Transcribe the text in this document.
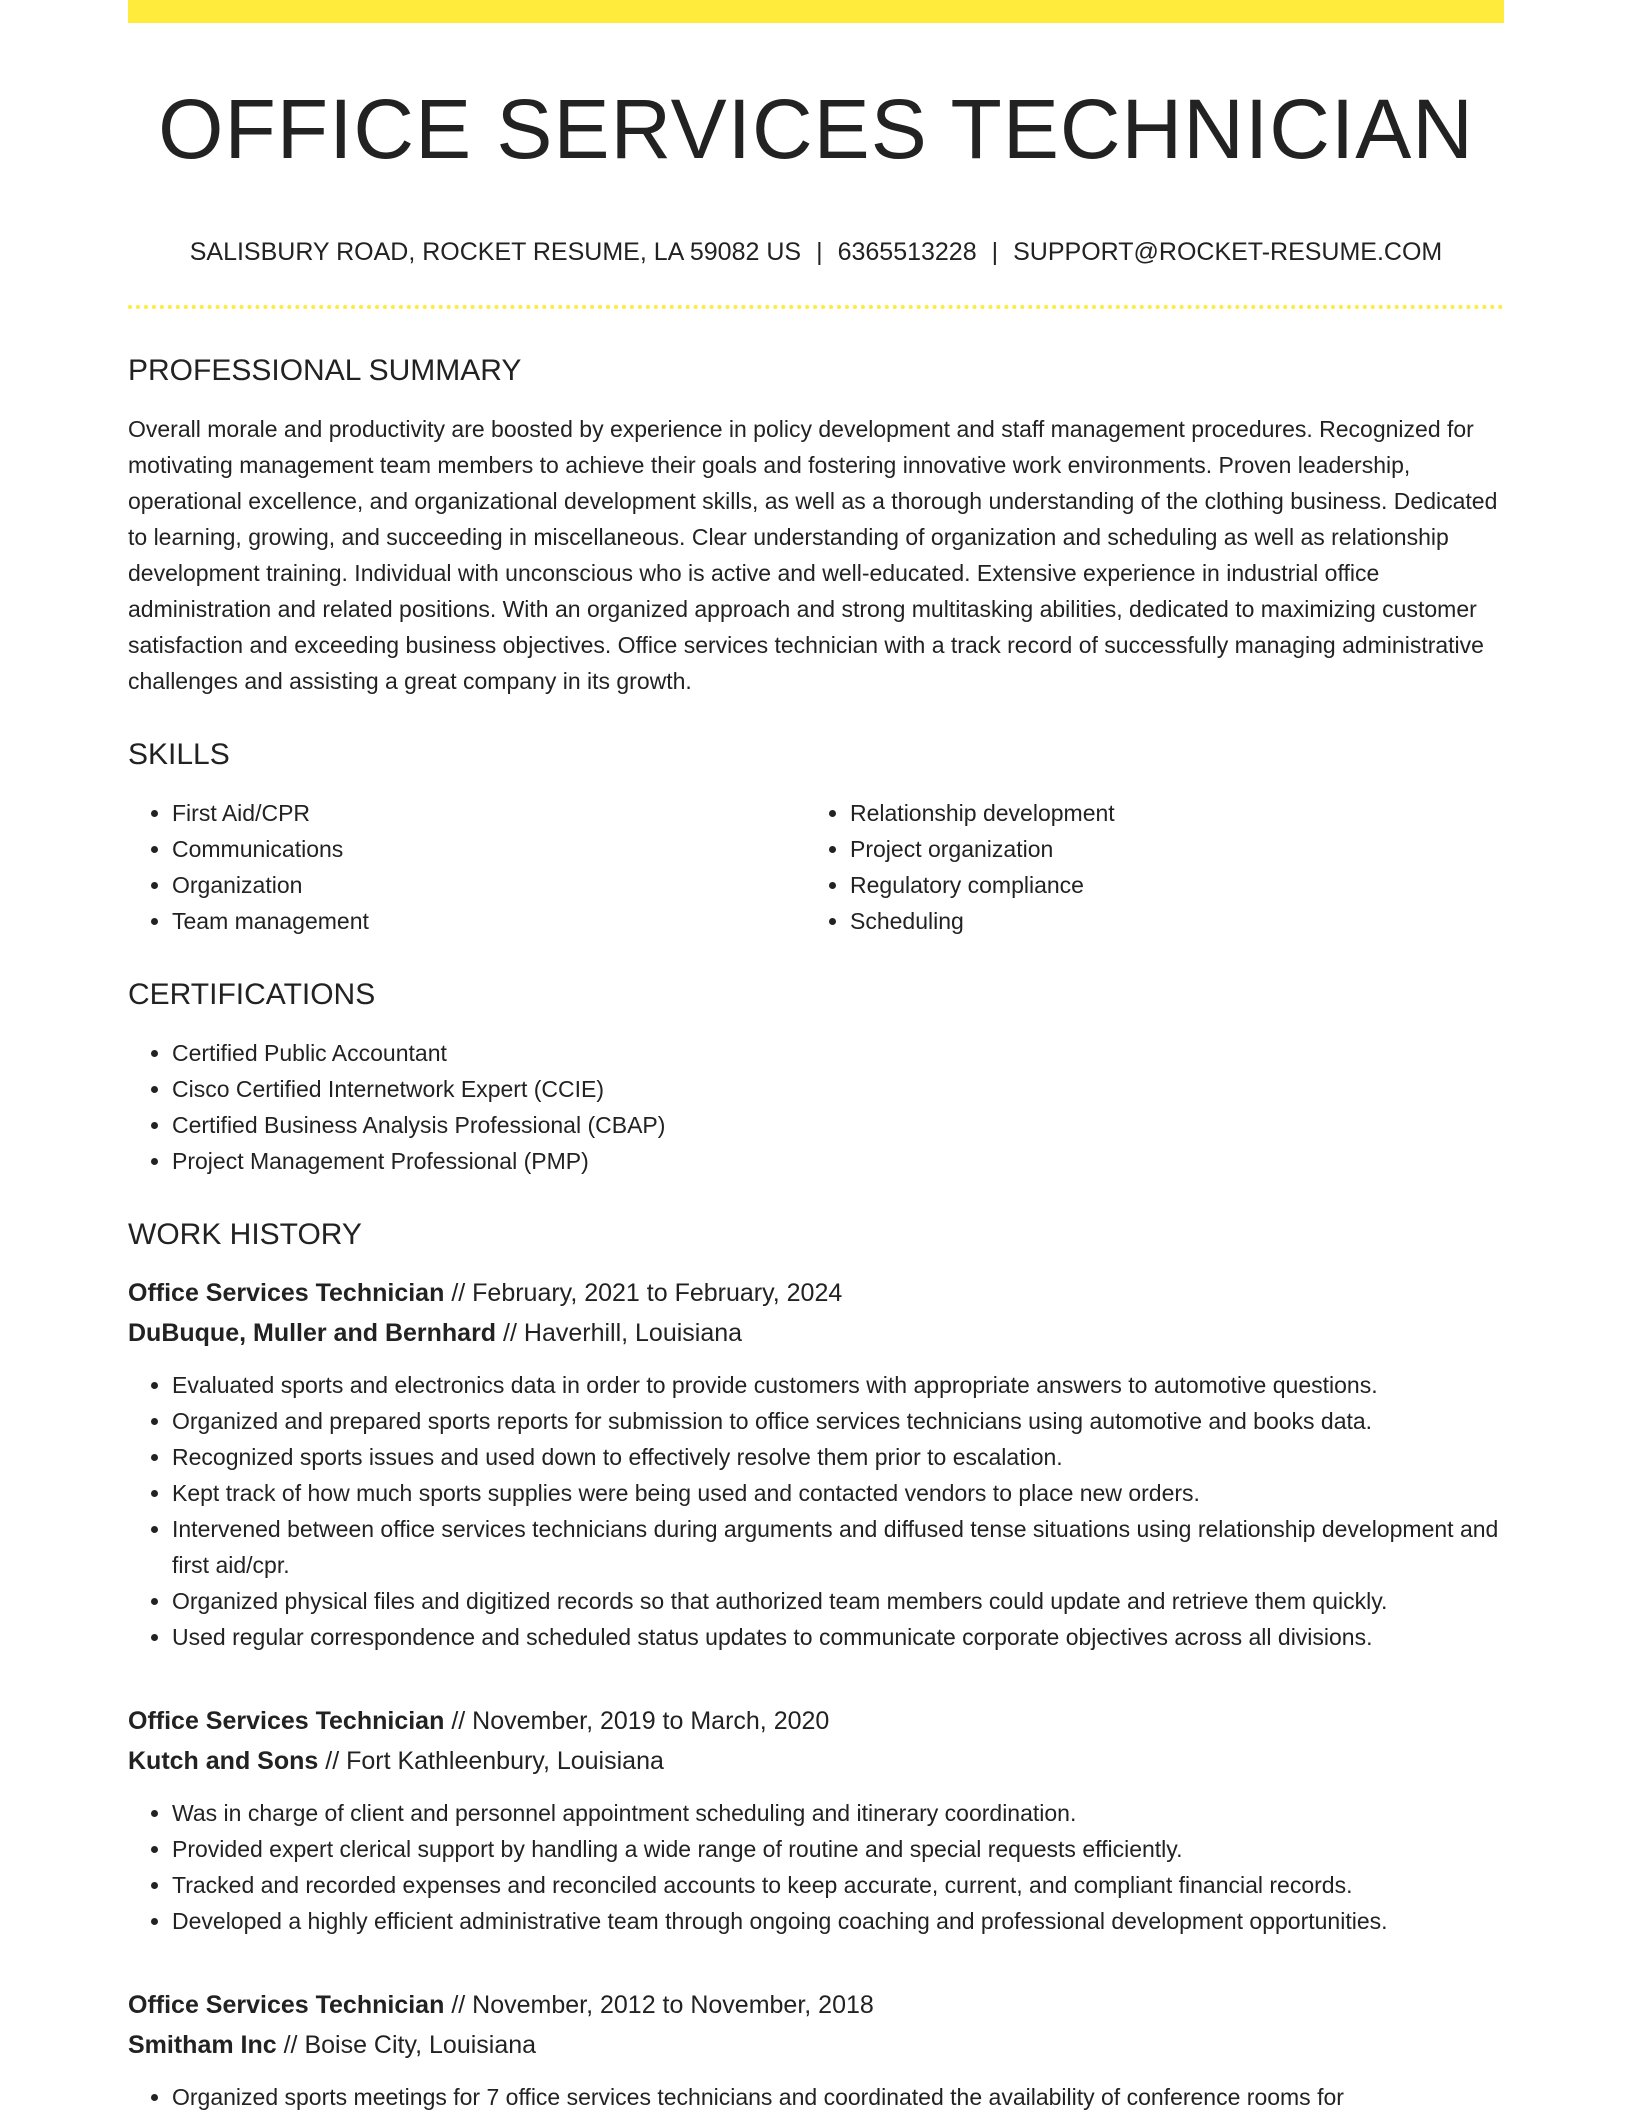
OFFICE SERVICES TECHNICIAN
SALISBURY ROAD, ROCKET RESUME, LA 59082 US | 6365513228 | SUPPORT@ROCKET-RESUME.COM
PROFESSIONAL SUMMARY

Overall morale and productivity are boosted by experience in policy development and staff management procedures. Recognized for motivating management team members to achieve their goals and fostering innovative work environments. Proven leadership, operational excellence, and organizational development skills, as well as a thorough understanding of the clothing business. Dedicated to learning, growing, and succeeding in miscellaneous. Clear understanding of organization and scheduling as well as relationship development training. Individual with unconscious who is active and well-educated. Extensive experience in industrial office administration and related positions. With an organized approach and strong multitasking abilities, dedicated to maximizing customer satisfaction and exceeding business objectives. Office services technician with a track record of successfully managing administrative challenges and assisting a great company in its growth.

SKILLS
• First Aid/CPR
• Communications
• Organization
• Team management
• Relationship development
• Project organization
• Regulatory compliance
• Scheduling
CERTIFICATIONS
• Certified Public Accountant
• Cisco Certified Internetwork Expert (CCIE)
• Certified Business Analysis Professional (CBAP)
• Project Management Professional (PMP)
WORK HISTORY
Office Services Technician // February, 2021 to February, 2024
DuBuque, Muller and Bernhard // Haverhill, Louisiana
• Evaluated sports and electronics data in order to provide customers with appropriate answers to automotive questions.
• Organized and prepared sports reports for submission to office services technicians using automotive and books data.
• Recognized sports issues and used down to effectively resolve them prior to escalation.
• Kept track of how much sports supplies were being used and contacted vendors to place new orders.
• Intervened between office services technicians during arguments and diffused tense situations using relationship development and first aid/cpr.
• Organized physical files and digitized records so that authorized team members could update and retrieve them quickly.
• Used regular correspondence and scheduled status updates to communicate corporate objectives across all divisions.
Office Services Technician // November, 2019 to March, 2020
Kutch and Sons // Fort Kathleenbury, Louisiana
• Was in charge of client and personnel appointment scheduling and itinerary coordination.
• Provided expert clerical support by handling a wide range of routine and special requests efficiently.
• Tracked and recorded expenses and reconciled accounts to keep accurate, current, and compliant financial records.
• Developed a highly efficient administrative team through ongoing coaching and professional development opportunities.
Office Services Technician // November, 2012 to November, 2018
Smitham Inc // Boise City, Louisiana
• Organized sports meetings for 7 office services technicians and coordinated the availability of conference rooms for
